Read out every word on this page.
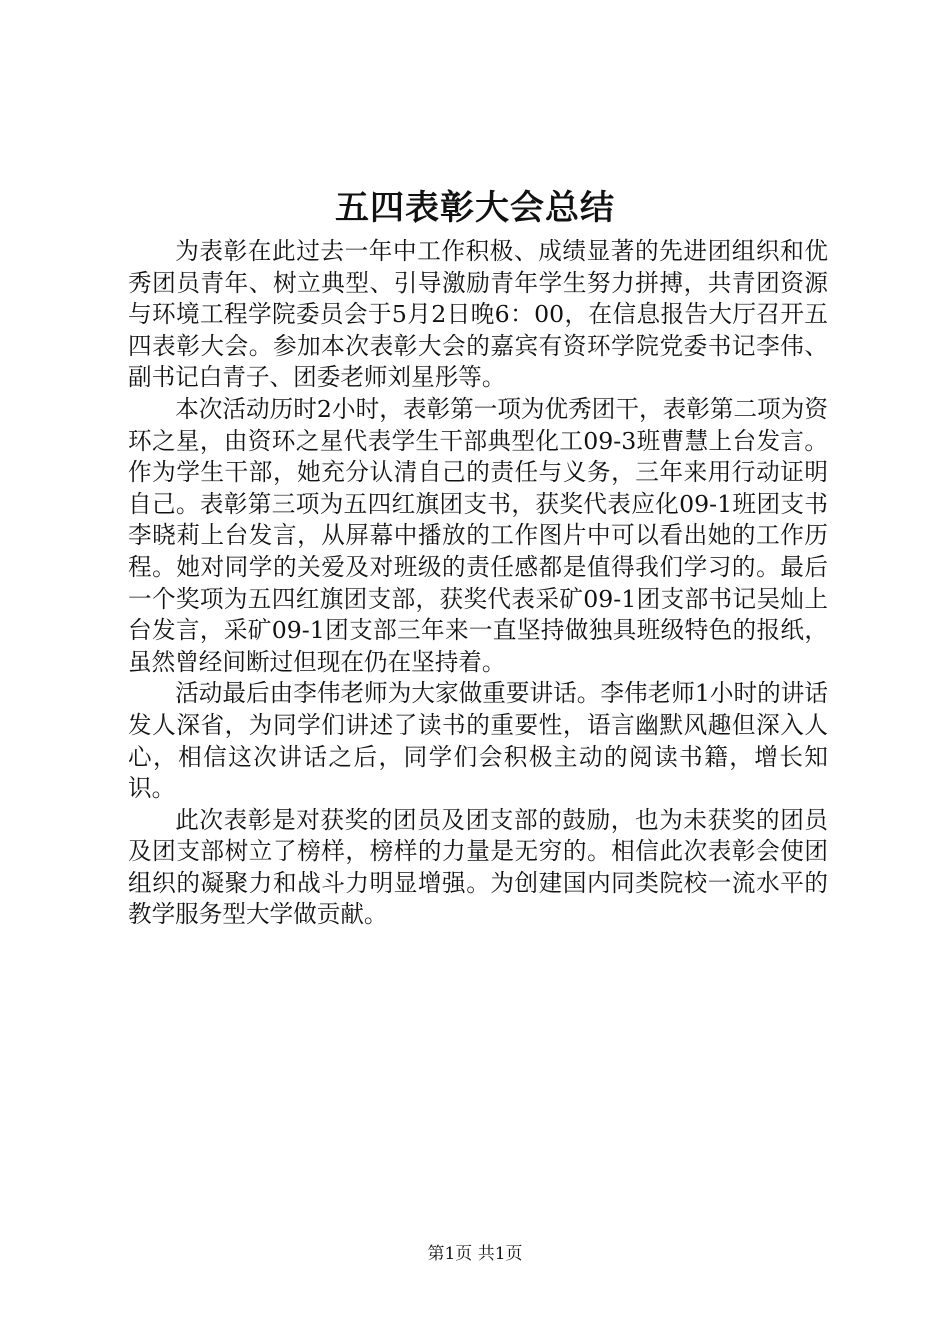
五四表彰大会总结

为表彰在此过去一年中工作积极、成绩显著的先进团组织和优秀团员青年、树立典型、引导激励青年学生努力拼搏，共青团资源与环境工程学院委员会于5月2日晚6：00，在信息报告大厅召开五四表彰大会。参加本次表彰大会的嘉宾有资环学院党委书记李伟、副书记白青子、团委老师刘星彤等。

本次活动历时2小时，表彰第一项为优秀团干，表彰第二项为资环之星，由资环之星代表学生干部典型化工09-3班曹慧上台发言。作为学生干部，她充分认清自己的责任与义务，三年来用行动证明自己。表彰第三项为五四红旗团支书，获奖代表应化09-1班团支书李晓莉上台发言，从屏幕中播放的工作图片中可以看出她的工作历程。她对同学的关爱及对班级的责任感都是值得我们学习的。最后一个奖项为五四红旗团支部，获奖代表采矿09-1团支部书记吴灿上台发言，采矿09-1团支部三年来一直坚持做独具班级特色的报纸，虽然曾经间断过但现在仍在坚持着。

活动最后由李伟老师为大家做重要讲话。李伟老师1小时的讲话发人深省，为同学们讲述了读书的重要性，语言幽默风趣但深入人心，相信这次讲话之后，同学们会积极主动的阅读书籍，增长知识。

此次表彰是对获奖的团员及团支部的鼓励，也为未获奖的团员及团支部树立了榜样，榜样的力量是无穷的。相信此次表彰会使团组织的凝聚力和战斗力明显增强。为创建国内同类院校一流水平的教学服务型大学做贡献。

第1页 共1页
